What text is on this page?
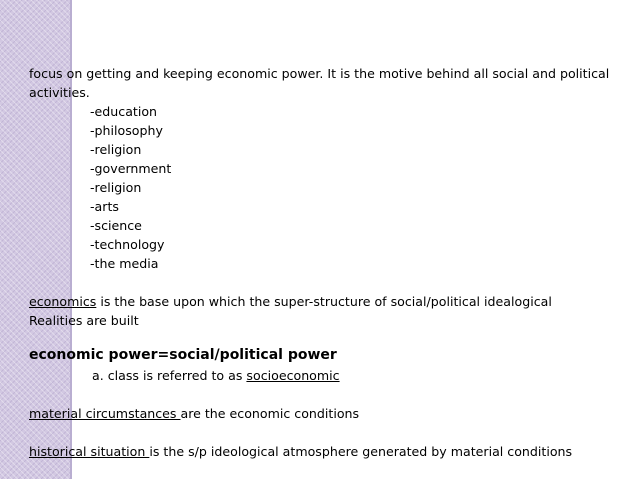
focus on getting and keeping economic power. It is the motive behind all social and political
activities.
-education
-philosophy
-religion
-government
-religion
-arts
-science
-technology
-the media
economics is the base upon which the super-structure of social/political idealogical
Realities are built
economic power=social/political power
a. class is referred to as socioeconomic
material circumstances are the economic conditions
historical situation is the s/p ideological atmosphere generated by material conditions
